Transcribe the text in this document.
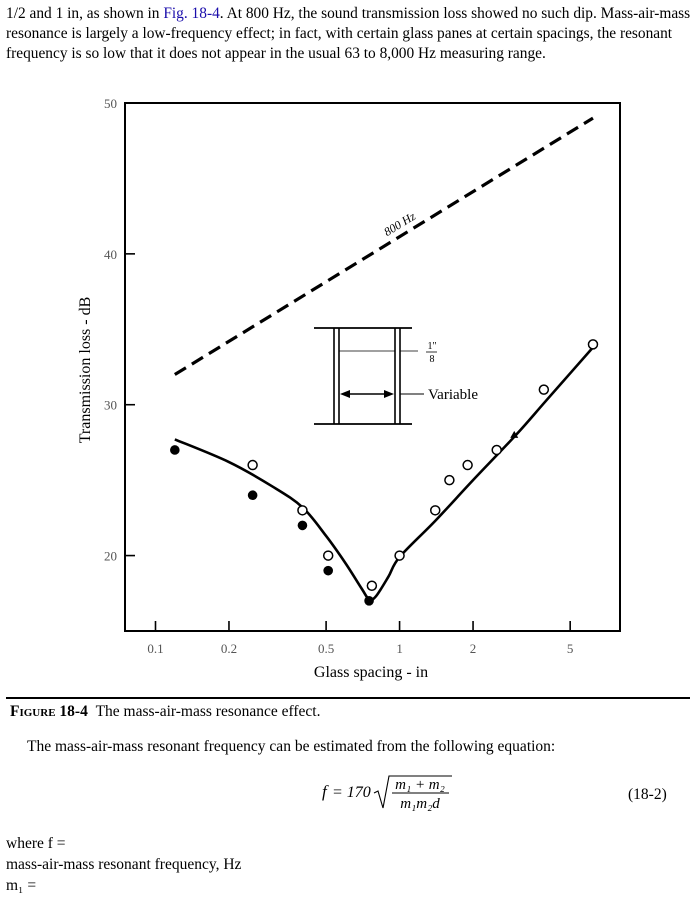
1/2 and 1 in, as shown in Fig. 18-4. At 800 Hz, the sound transmission loss showed no such dip. Mass-air-mass resonance is largely a low-frequency effect; in fact, with certain glass panes at certain spacings, the resonant frequency is so low that it does not appear in the usual 63 to 8,000 Hz measuring range.

0.1	0.2	0.5	1	2	5
20
30
40
50
1"
8
Variable
800 Hz
Glass spacing - in
Transmission loss - dB
Figure 18-4 The mass-air-mass resonance effect.
The mass-air-mass resonant frequency can be estimated from the following equation:
f = 170 m₁ + m₂
m₁m₂d
(18-2)
where f =
mass-air-mass resonant frequency, Hz
m₁ =
